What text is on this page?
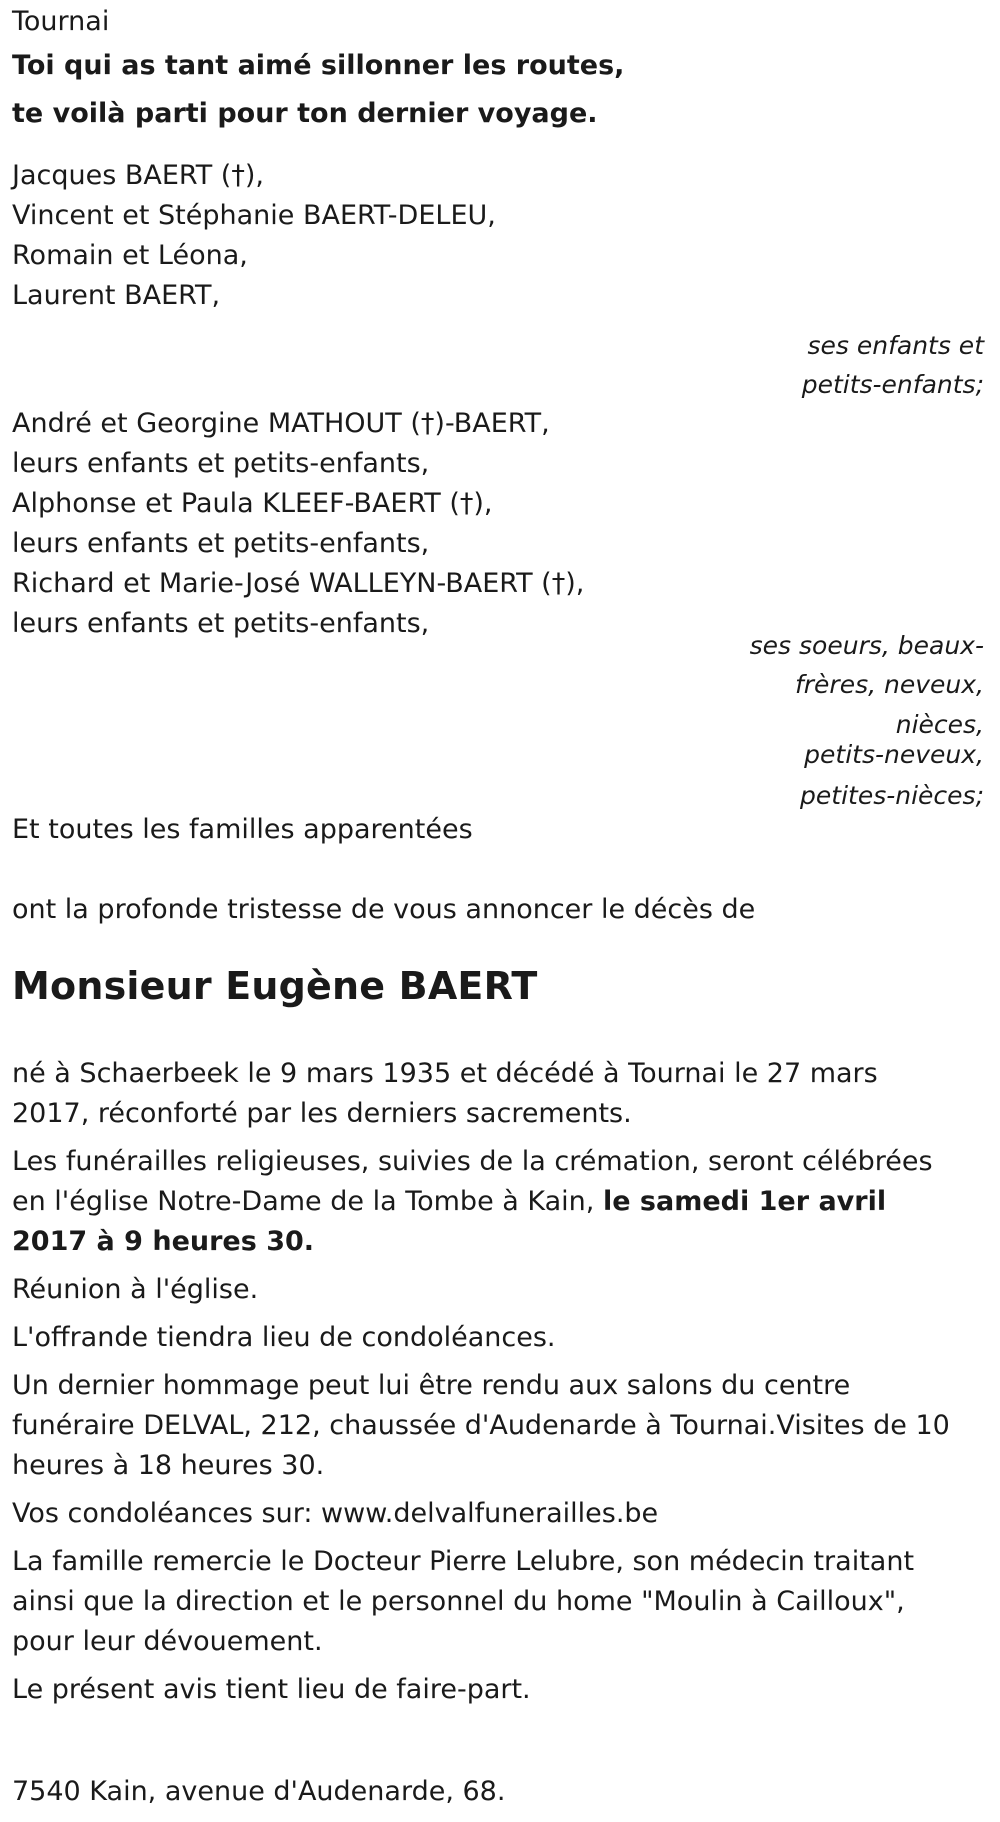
Tournai
Toi qui as tant aimé sillonner les routes,
te voilà parti pour ton dernier voyage.
Jacques BAERT (†),
Vincent et Stéphanie BAERT-DELEU,
Romain et Léona,
Laurent BAERT,
ses enfants et
petits-enfants;
André et Georgine MATHOUT (†)-BAERT,
leurs enfants et petits-enfants,
Alphonse et Paula KLEEF-BAERT (†),
leurs enfants et petits-enfants,
Richard et Marie-José WALLEYN-BAERT (†),
leurs enfants et petits-enfants,
ses soeurs, beaux-
frères, neveux,
nièces,
petits-neveux,
petites-nièces;
Et toutes les familles apparentées
ont la profonde tristesse de vous annoncer le décès de
Monsieur Eugène BAERT

né à Schaerbeek le 9 mars 1935 et décédé à Tournai le 27 mars 2017, réconforté par les derniers sacrements.

Les funérailles religieuses, suivies de la crémation, seront célébrées en l'église Notre-Dame de la Tombe à Kain, le samedi 1er avril 2017 à 9 heures 30.

Réunion à l'église.

L'offrande tiendra lieu de condoléances.

Un dernier hommage peut lui être rendu aux salons du centre funéraire DELVAL, 212, chaussée d'Audenarde à Tournai.Visites de 10 heures à 18 heures 30.

Vos condoléances sur: www.delvalfunerailles.be

La famille remercie le Docteur Pierre Lelubre, son médecin traitant ainsi que la direction et le personnel du home "Moulin à Cailloux", pour leur dévouement.

Le présent avis tient lieu de faire-part.

7540 Kain, avenue d'Audenarde, 68.
